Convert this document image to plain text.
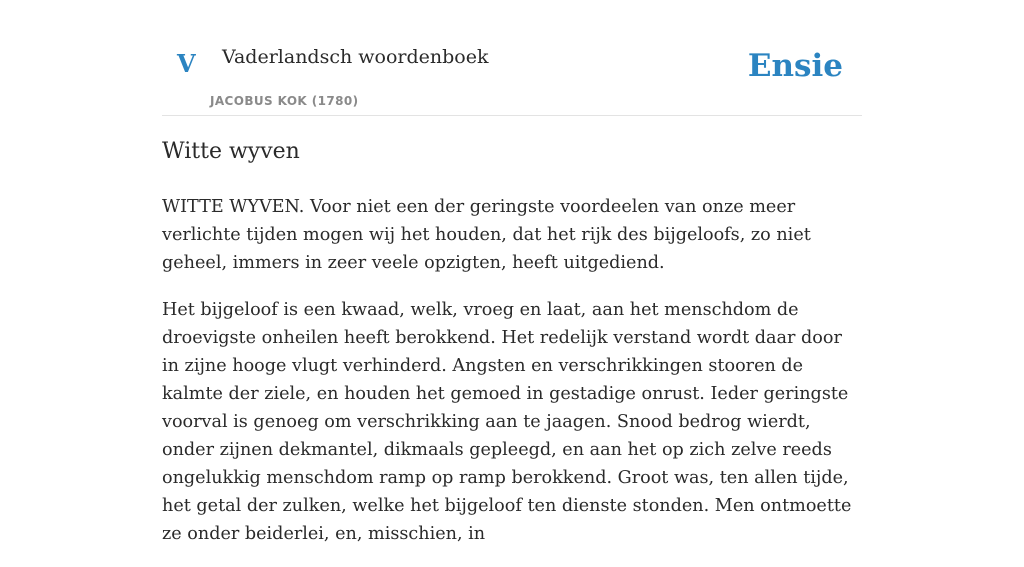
V Vaderlandsch woordenboek
JACOBUS KOK (1780)
Ensie
Witte wyven

WITTE WYVEN. Voor niet een der geringste voordeelen van onze meer verlichte tijden mogen wij het houden, dat het rijk des bijgeloofs, zo niet geheel, immers in zeer veele opzigten, heeft uitgediend.

Het bijgeloof is een kwaad, welk, vroeg en laat, aan het menschdom de droevigste onheilen heeft berokkend. Het redelijk verstand wordt daar door in zijne hooge vlugt verhinderd. Angsten en verschrikkingen stooren de kalmte der ziele, en houden het gemoed in gestadige onrust. Ieder geringste voorval is genoeg om verschrikking aan te jaagen. Snood bedrog wierdt, onder zijnen dekmantel, dikmaals gepleegd, en aan het op zich zelve reeds ongelukkig menschdom ramp op ramp berokkend. Groot was, ten allen tijde, het getal der zulken, welke het bijgeloof ten dienste stonden. Men ontmoette ze onder beiderlei, en, misschien, in
